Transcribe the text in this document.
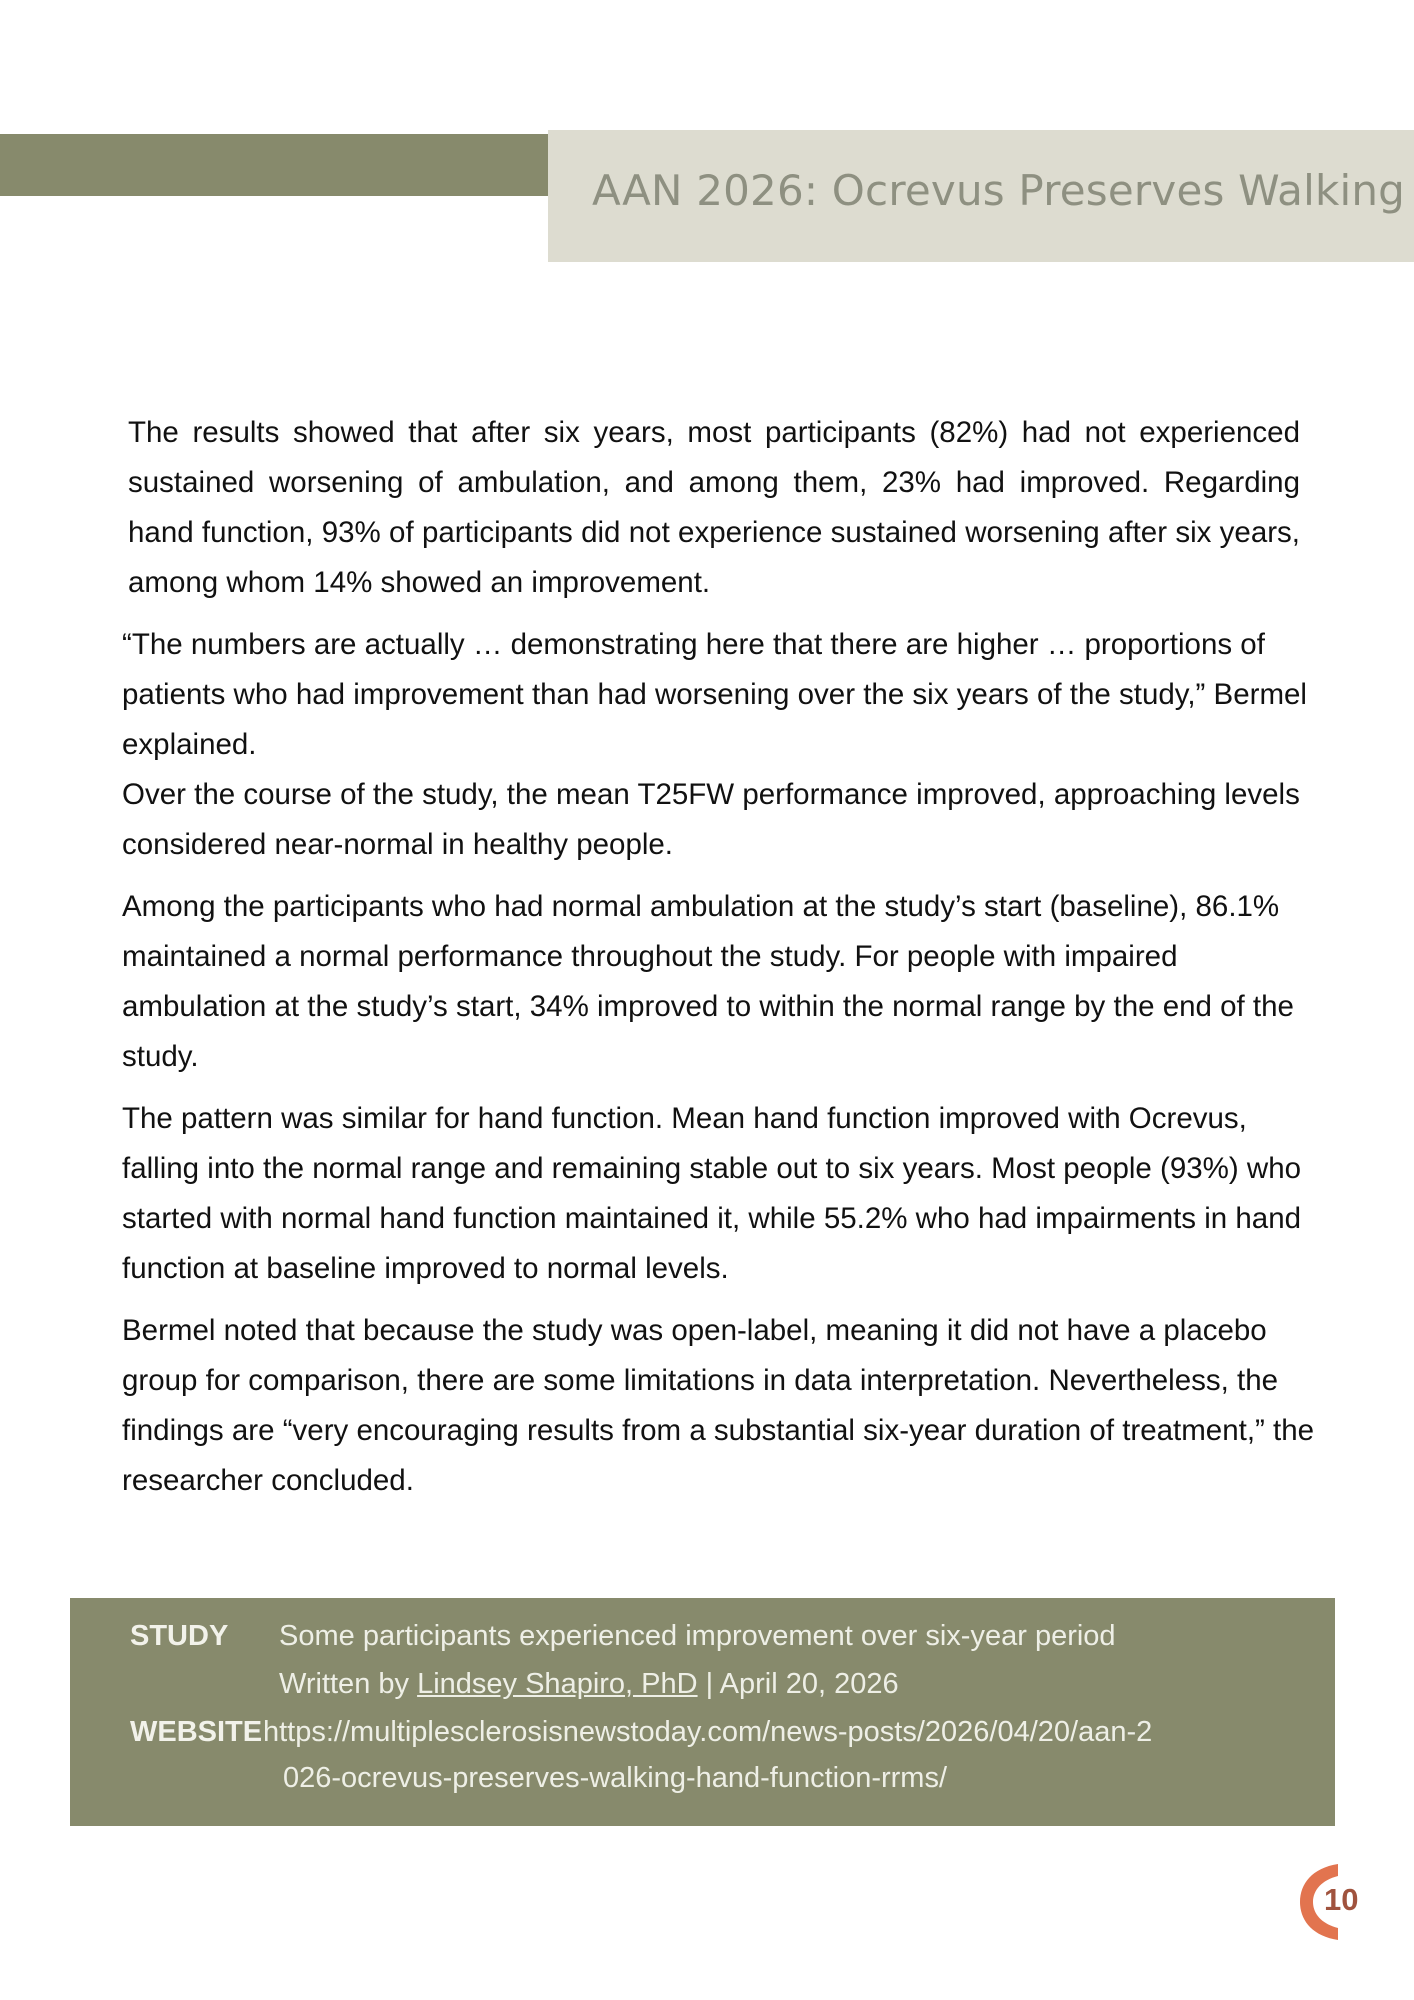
AAN 2026: Ocrevus Preserves Walking

The results showed that after six years, most participants (82%) had not experienced sustained worsening of ambulation, and among them, 23% had improved. Regarding hand function, 93% of participants did not experience sustained worsening after six years, among whom 14% showed an improvement.

“The numbers are actually … demonstrating here that there are higher … proportions of patients who had improvement than had worsening over the six years of the study,” Bermel explained.

Over the course of the study, the mean T25FW performance improved, approaching levels considered near-normal in healthy people.

Among the participants who had normal ambulation at the study’s start (baseline), 86.1% maintained a normal performance throughout the study. For people with impaired ambulation at the study’s start, 34% improved to within the normal range by the end of the study.

The pattern was similar for hand function. Mean hand function improved with Ocrevus, falling into the normal range and remaining stable out to six years. Most people (93%) who started with normal hand function maintained it, while 55.2% who had impairments in hand function at baseline improved to normal levels.

Bermel noted that because the study was open-label, meaning it did not have a placebo group for comparison, there are some limitations in data interpretation. Nevertheless, the findings are “very encouraging results from a substantial six-year duration of treatment,” the researcher concluded.

STUDY Some participants experienced improvement over six-year period
Written by Lindsey Shapiro, PhD | April 20, 2026
WEBSITE https://multiplesclerosisnewstoday.com/news-posts/2026/04/20/aan-2
026-ocrevus-preserves-walking-hand-function-rrms/
10
